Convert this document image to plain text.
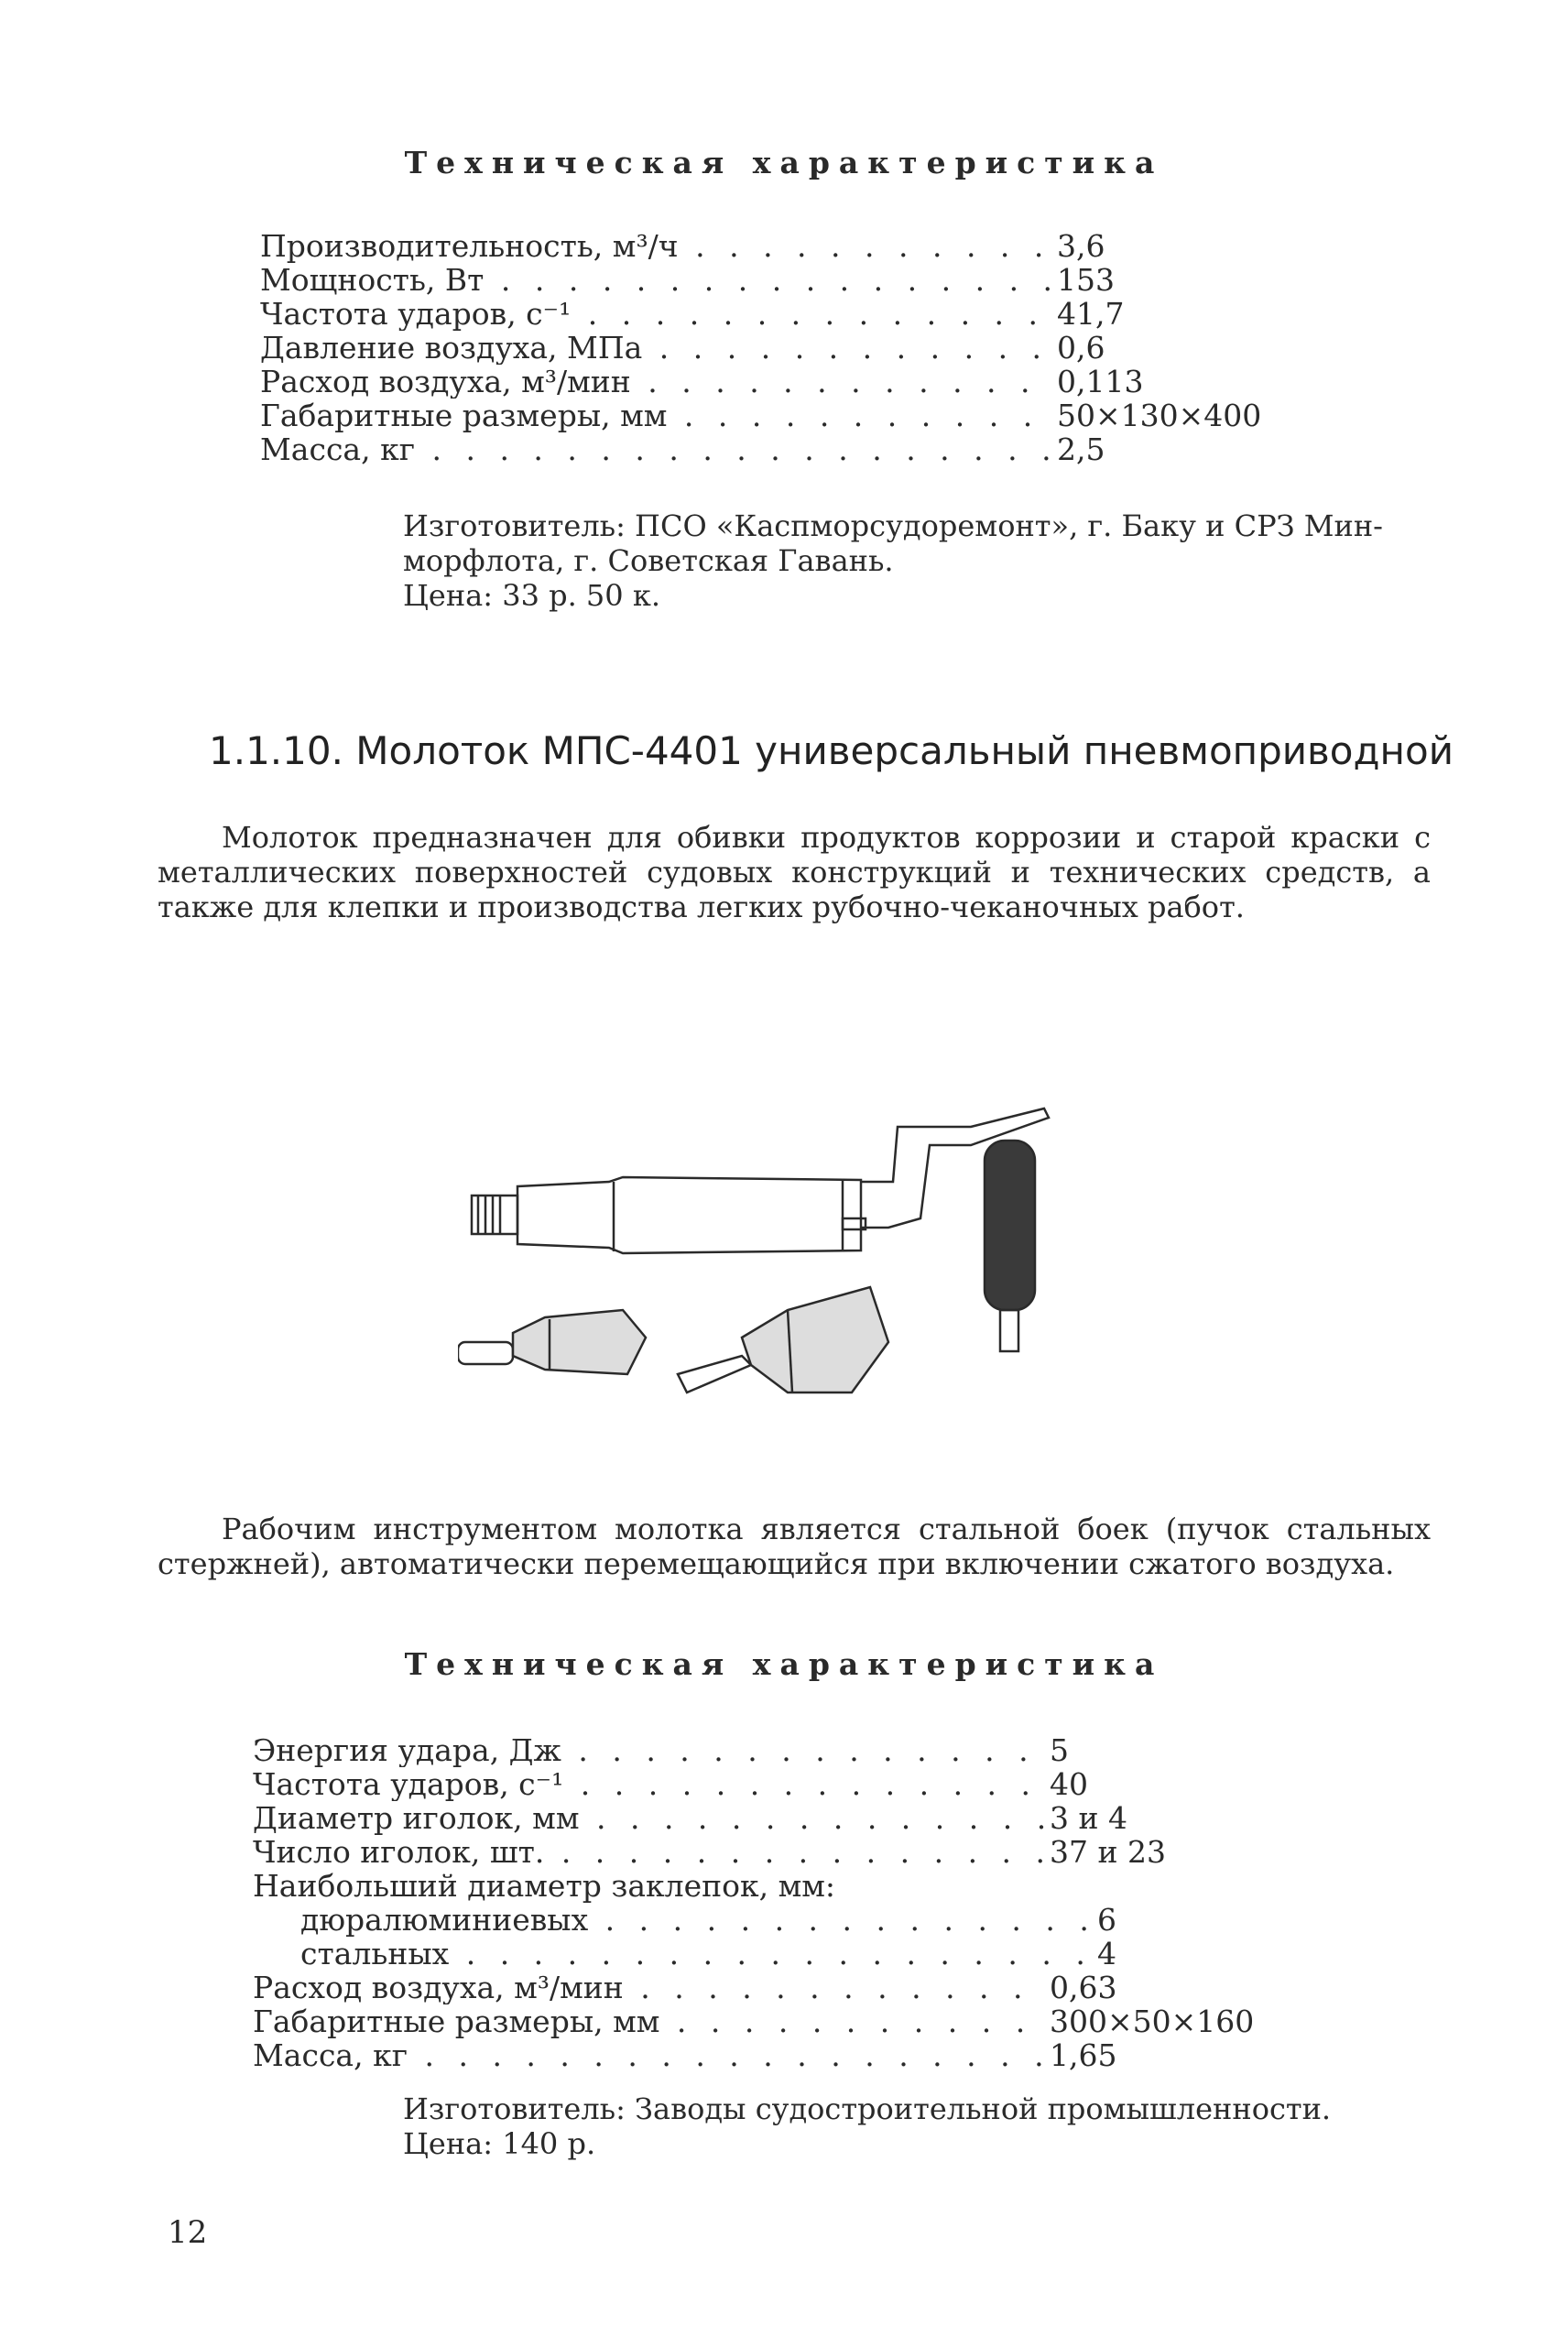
Техническая характеристика
Производительность, м³/ч . . .	3,6
Мощность, Вт . . .	153
Частота ударов, с⁻¹ . . .	41,7
Давление воздуха, МПа . . .	0,6
Расход воздуха, м³/мин . . .	0,113
Габаритные размеры, мм . . .	50×130×400
Масса, кг . . .	2,5
Изготовитель: ПСО «Каспморсудоремонт», г. Баку и СРЗ Мин-
морфлота, г. Советская Гавань.
Цена: 33 р. 50 к.
1.1.10. Молоток МПС-4401 универсальный пневмоприводной
Молоток предназначен для обивки продуктов коррозии и старой краски с металлических поверхностей судовых конструкций и технических средств, а также для клепки и производства легких рубочно-чеканочных работ.
Рабочим инструментом молотка является стальной боек (пучок стальных стержней), автоматически перемещающийся при включении сжатого воздуха.
Техническая характеристика
Энергия удара, Дж . . .	5
Частота ударов, с⁻¹ . . .	40
Диаметр иголок, мм . . .	3 и 4
Число иголок, шт. . . .	37 и 23
Наибольший диаметр заклепок, мм:
дюралюминиевых . . .	6
стальных . . .	4
Расход воздуха, м³/мин . . .	0,63
Габаритные размеры, мм . . .	300×50×160
Масса, кг . . .	1,65
Изготовитель: Заводы судостроительной промышленности.
Цена: 140 р.
12
